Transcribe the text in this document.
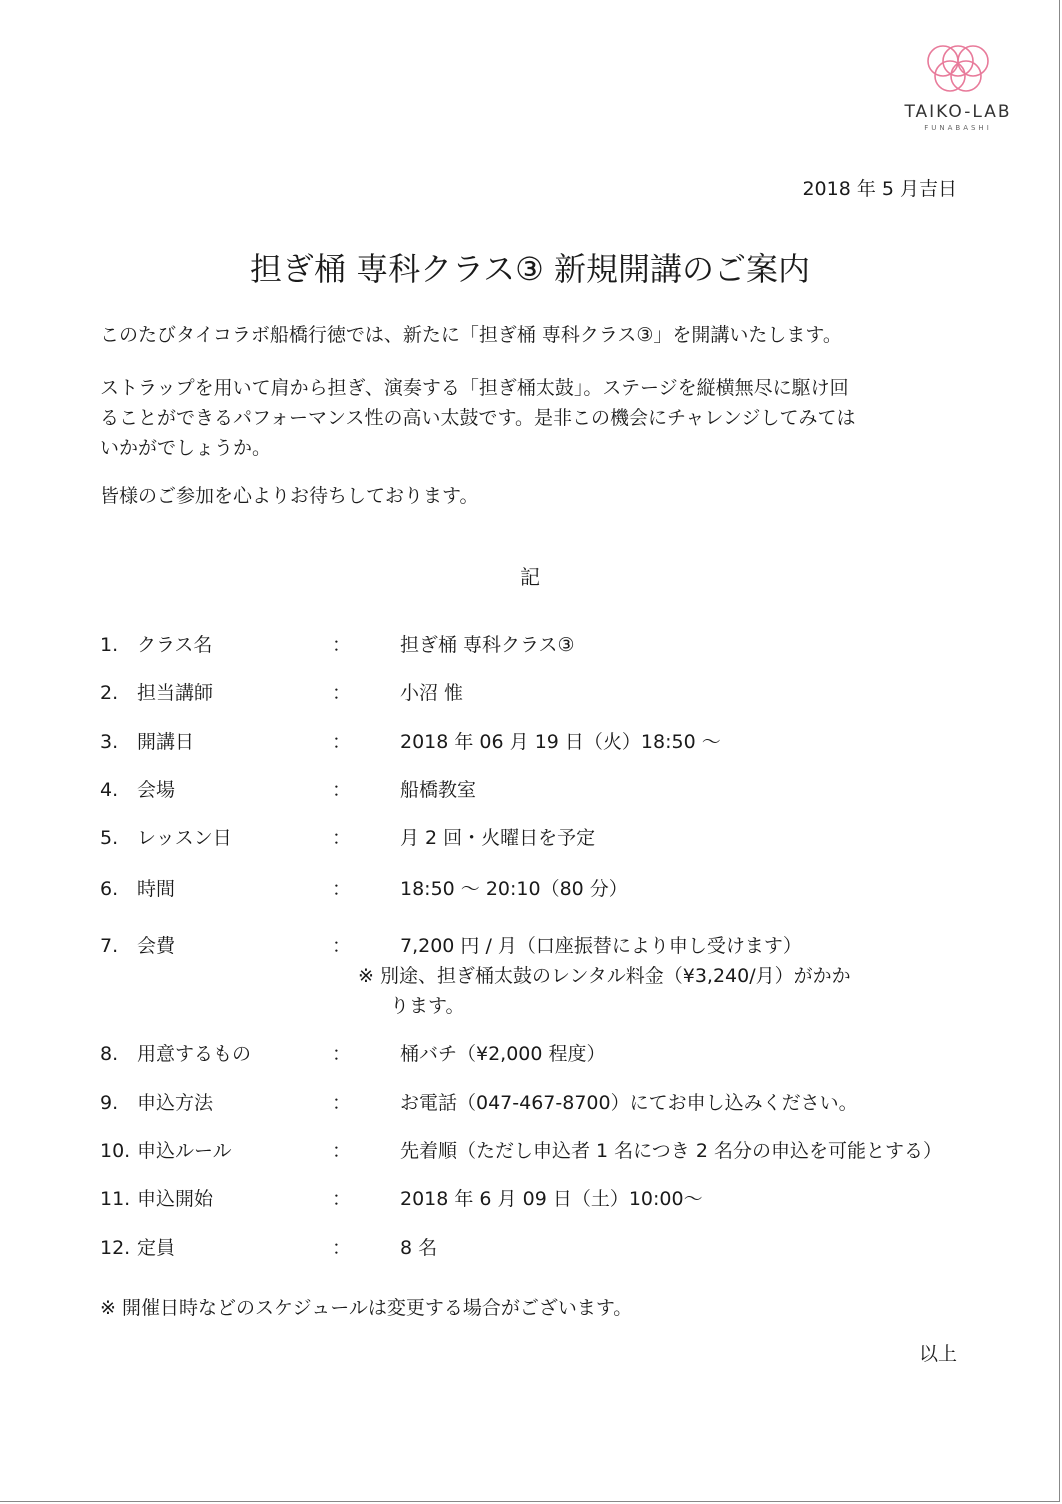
TAIKO-LAB
FUNABASHI
2018 年 5 月吉日
担ぎ桶 専科クラス③ 新規開講のご案内

このたびタイコラボ船橋行徳では、新たに「担ぎ桶 専科クラス③」を開講いたします。

ストラップを用いて肩から担ぎ、演奏する「担ぎ桶太鼓」。ステージを縦横無尽に駆け回
ることができるパフォーマンス性の高い太鼓です。是非この機会にチャレンジしてみては
いかがでしょうか。

皆様のご参加を心よりお待ちしております。

記
1. クラス名	：	担ぎ桶 専科クラス③
2. 担当講師	：	小沼 惟
3. 開講日	：	2018 年 06 月 19 日（火）18:50 ～
4. 会場	：	船橋教室
5. レッスン日	：	月 2 回・火曜日を予定
6. 時間	：	18:50 ～ 20:10（80 分）
7. 会費	：	7,200 円 / 月（口座振替により申し受けます）
※ 別途、担ぎ桶太鼓のレンタル料金（¥3,240/月）がかか
ります。
8. 用意するもの	：	桶バチ（¥2,000 程度）
9. 申込方法	：	お電話（047-467-8700）にてお申し込みください。
10. 申込ルール	：	先着順（ただし申込者 1 名につき 2 名分の申込を可能とする）
11. 申込開始	：	2018 年 6 月 09 日（土）10:00～
12. 定員	：	8 名
※ 開催日時などのスケジュールは変更する場合がございます。
以上
